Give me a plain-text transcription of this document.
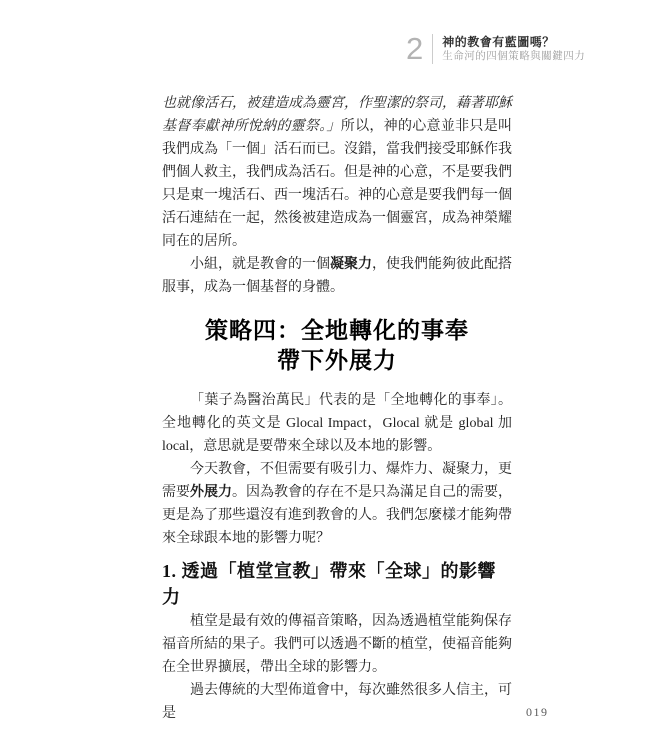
2	神的教會有藍圖嗎？
生命河的四個策略與關鍵四力

也就像活石，被建造成為靈宮，作聖潔的祭司，藉著耶穌基督奉獻神所悅納的靈祭。」所以，神的心意並非只是叫我們成為「一個」活石而已。沒錯，當我們接受耶穌作我們個人救主，我們成為活石。但是神的心意，不是要我們只是東一塊活石、西一塊活石。神的心意是要我們每一個活石連結在一起，然後被建造成為一個靈宮，成為神榮耀同在的居所。

小組，就是教會的一個凝聚力，使我們能夠彼此配搭服事，成為一個基督的身體。

策略四：全地轉化的事奉
帶下外展力

「葉子為醫治萬民」代表的是「全地轉化的事奉」。全地轉化的英文是 Glocal Impact，Glocal 就是 global 加 local，意思就是要帶來全球以及本地的影響。

今天教會，不但需要有吸引力、爆炸力、凝聚力，更需要外展力。因為教會的存在不是只為滿足自己的需要，更是為了那些還沒有進到教會的人。我們怎麼樣才能夠帶來全球跟本地的影響力呢？

1. 透過「植堂宣教」帶來「全球」的影響力

植堂是最有效的傳福音策略，因為透過植堂能夠保存福音所結的果子。我們可以透過不斷的植堂，使福音能夠在全世界擴展，帶出全球的影響力。

過去傳統的大型佈道會中，每次雖然很多人信主，可是	019
